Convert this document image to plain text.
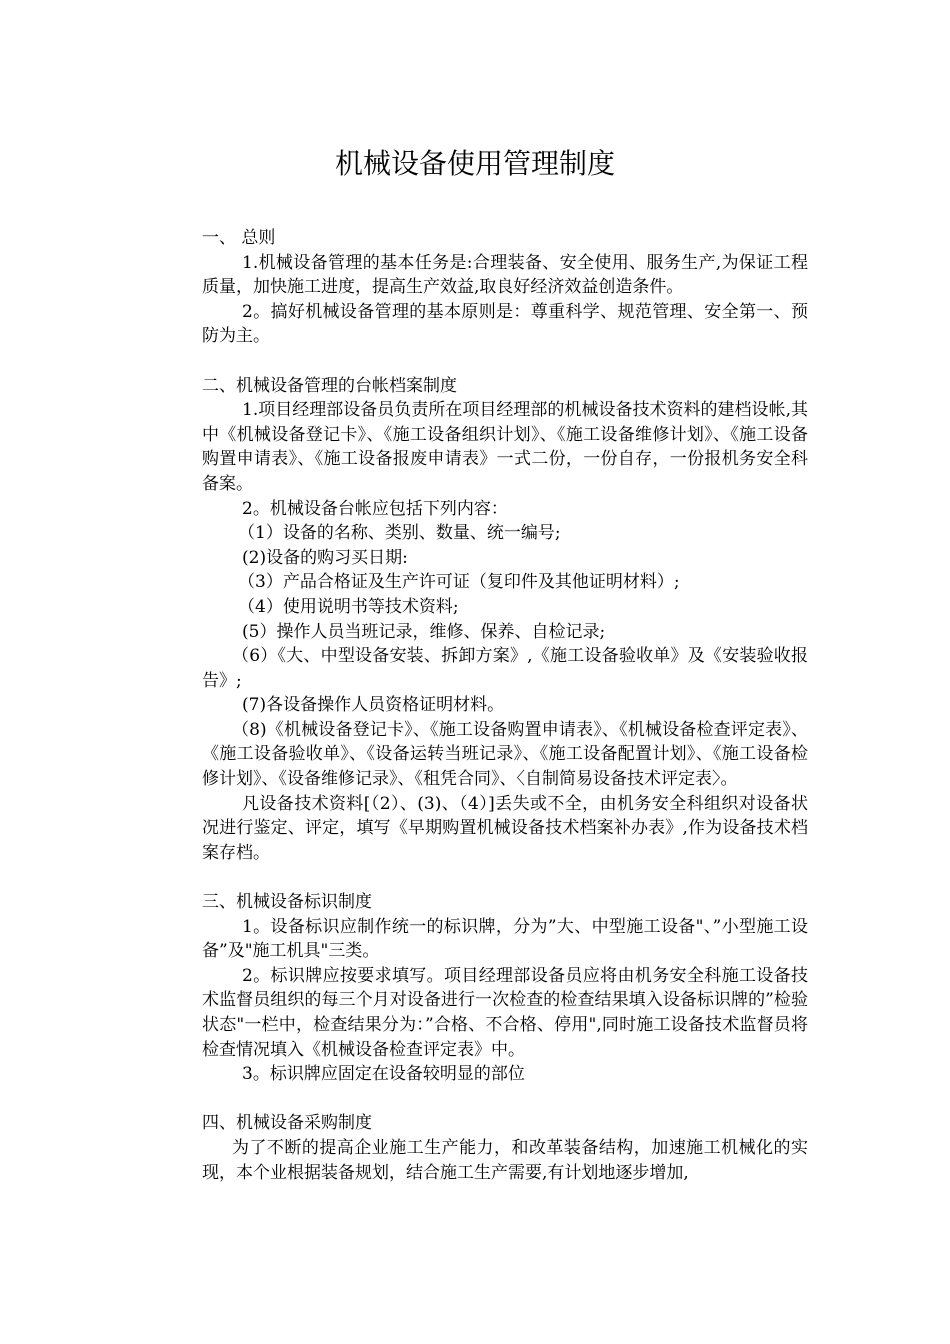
机械设备使用管理制度

一、 总则

1.机械设备管理的基本任务是:合理装备、安全使用、服务生产,为保证工程质量，加快施工进度，提高生产效益,取良好经济效益创造条件。

2。搞好机械设备管理的基本原则是：尊重科学、规范管理、安全第一、预防为主。

二、机械设备管理的台帐档案制度

1.项目经理部设备员负责所在项目经理部的机械设备技术资料的建档设帐,其中《机械设备登记卡》、《施工设备组织计划》、《施工设备维修计划》、《施工设备购置申请表》、《施工设备报废申请表》一式二份，一份自存，一份报机务安全科备案。

2。机械设备台帐应包括下列内容：

（1）设备的名称、类别、数量、统一编号;

(2)设备的购习买日期:

（3）产品合格证及生产许可证（复印件及其他证明材料）;

（4）使用说明书等技术资料;

(5）操作人员当班记录，维修、保养、自检记录;

（6）《大、中型设备安装、拆卸方案》,《施工设备验收单》及《安装验收报告》;

(7)各设备操作人员资格证明材料。

（8)《机械设备登记卡》、《施工设备购置申请表》、《机械设备检查评定表》、《施工设备验收单》、《设备运转当班记录》、《施工设备配置计划》、《施工设备检修计划》、《设备维修记录》、《租凭合同》、〈自制简易设备技术评定表〉。

凡设备技术资料[（2）、(3)、（4）]丢失或不全，由机务安全科组织对设备状况进行鉴定、评定，填写《早期购置机械设备技术档案补办表》,作为设备技术档案存档。

三、机械设备标识制度

1。设备标识应制作统一的标识牌，分为”大、中型施工设备"、”小型施工设备”及"施工机具"三类。

2。标识牌应按要求填写。项目经理部设备员应将由机务安全科施工设备技术监督员组织的每三个月对设备进行一次检查的检查结果填入设备标识牌的”检验状态"一栏中，检查结果分为：”合格、不合格、停用",同时施工设备技术监督员将检查情况填入《机械设备检查评定表》中。

3。标识牌应固定在设备较明显的部位

四、机械设备采购制度

为了不断的提高企业施工生产能力，和改革装备结构，加速施工机械化的实现，本个业根据装备规划，结合施工生产需要,有计划地逐步增加,
